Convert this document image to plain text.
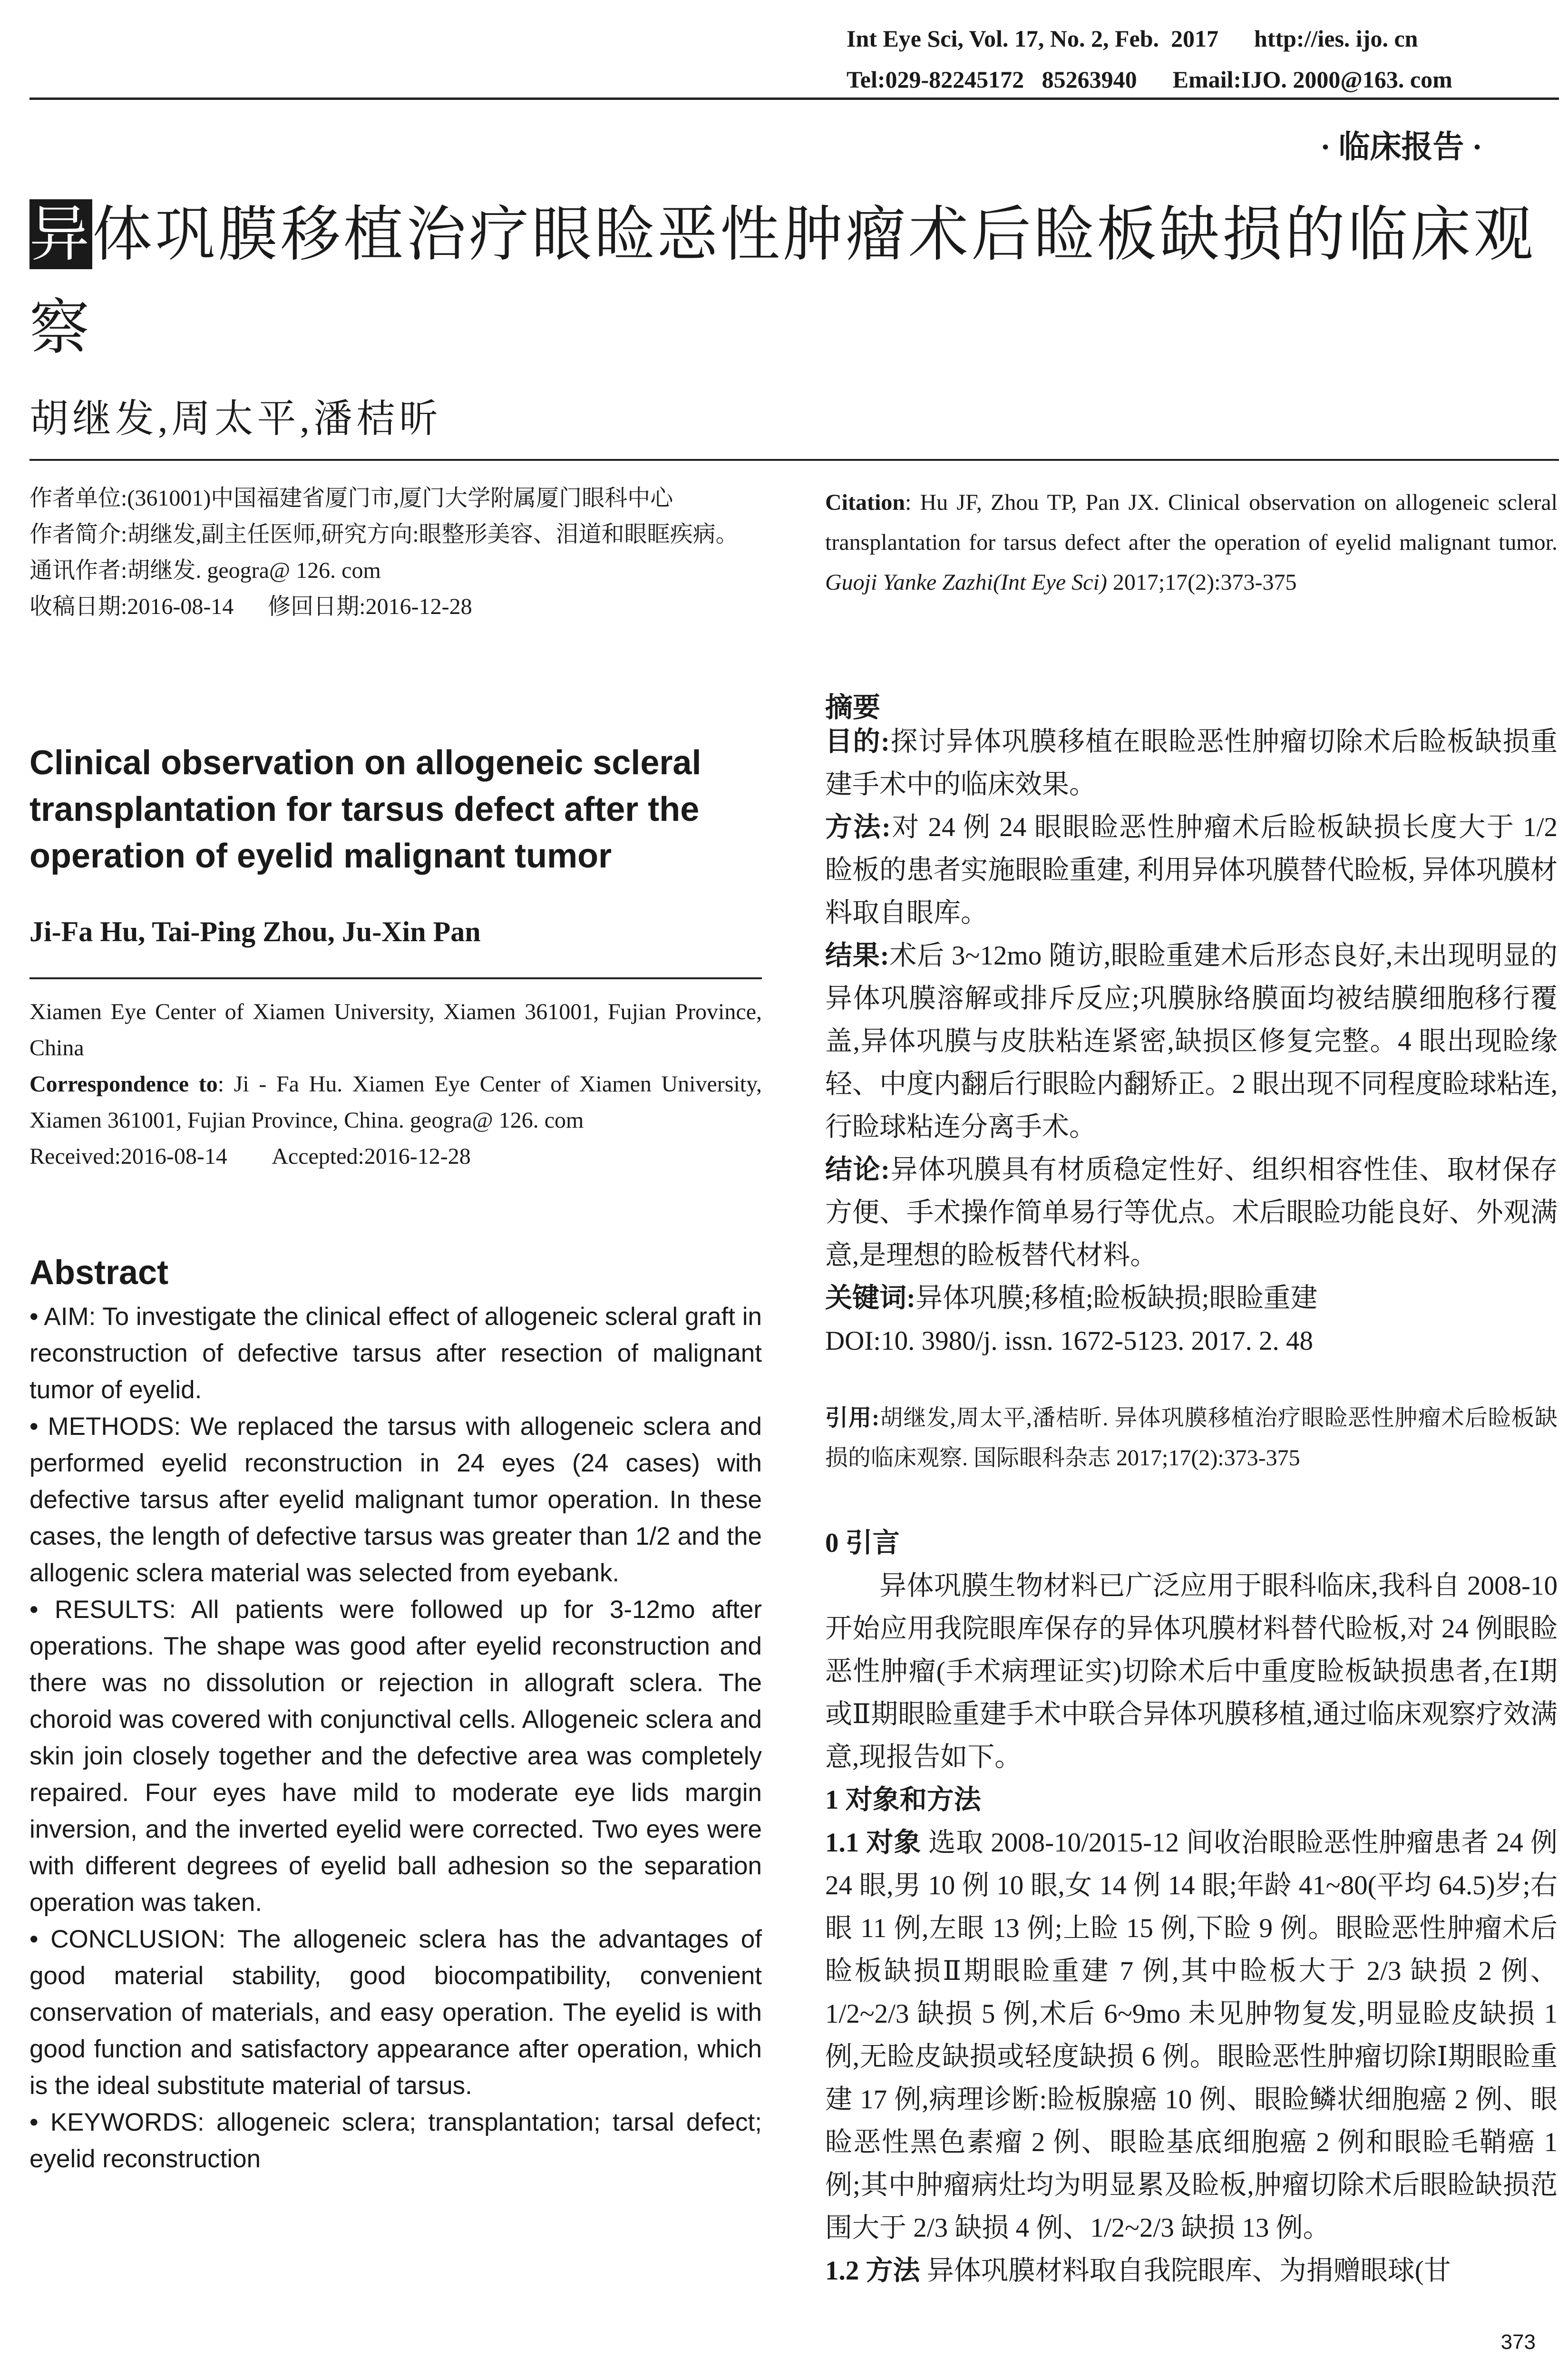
Int Eye Sci, Vol. 17, No. 2, Feb.  2017      http://ies. ijo. cn
Tel:029-82245172   85263940      Email:IJO. 2000@163. com
· 临床报告 ·
异体巩膜移植治疗眼睑恶性肿瘤术后睑板缺损的临床观察
胡继发,周太平,潘桔昕
作者单位:(361001)中国福建省厦门市,厦门大学附属厦门眼科中心
作者简介:胡继发,副主任医师,研究方向:眼整形美容、泪道和眼眶疾病。
通讯作者:胡继发. geogra@ 126. com
收稿日期:2016-08-14      修回日期:2016-12-28
Clinical observation on allogeneic scleral transplantation for tarsus defect after the operation of eyelid malignant tumor
Ji-Fa Hu, Tai-Ping Zhou, Ju-Xin Pan
Xiamen Eye Center of Xiamen University, Xiamen 361001, Fujian Province, China
Correspondence to: Ji - Fa Hu. Xiamen Eye Center of Xiamen University, Xiamen 361001, Fujian Province, China. geogra@ 126. com
Received:2016-08-14        Accepted:2016-12-28
Abstract

• AIM: To investigate the clinical effect of allogeneic scleral graft in reconstruction of defective tarsus after resection of malignant tumor of eyelid.

• METHODS: We replaced the tarsus with allogeneic sclera and performed eyelid reconstruction in 24 eyes (24 cases) with defective tarsus after eyelid malignant tumor operation. In these cases, the length of defective tarsus was greater than 1/2 and the allogenic sclera material was selected from eyebank.

• RESULTS: All patients were followed up for 3-12mo after operations. The shape was good after eyelid reconstruction and there was no dissolution or rejection in allograft sclera. The choroid was covered with conjunctival cells. Allogeneic sclera and skin join closely together and the defective area was completely repaired. Four eyes have mild to moderate eye lids margin inversion, and the inverted eyelid were corrected. Two eyes were with different degrees of eyelid ball adhesion so the separation operation was taken.

• CONCLUSION: The allogeneic sclera has the advantages of good material stability, good biocompatibility, convenient conservation of materials, and easy operation. The eyelid is with good function and satisfactory appearance after operation, which is the ideal substitute material of tarsus.

• KEYWORDS: allogeneic sclera; transplantation; tarsal defect; eyelid reconstruction

Citation: Hu JF, Zhou TP, Pan JX. Clinical observation on allogeneic scleral transplantation for tarsus defect after the operation of eyelid malignant tumor. Guoji Yanke Zazhi(Int Eye Sci) 2017;17(2):373-375
摘要

目的:探讨异体巩膜移植在眼睑恶性肿瘤切除术后睑板缺损重建手术中的临床效果。

方法:对 24 例 24 眼眼睑恶性肿瘤术后睑板缺损长度大于 1/2 睑板的患者实施眼睑重建, 利用异体巩膜替代睑板, 异体巩膜材料取自眼库。

结果:术后 3~12mo 随访,眼睑重建术后形态良好,未出现明显的异体巩膜溶解或排斥反应;巩膜脉络膜面均被结膜细胞移行覆盖,异体巩膜与皮肤粘连紧密,缺损区修复完整。4 眼出现睑缘轻、中度内翻后行眼睑内翻矫正。2 眼出现不同程度睑球粘连,行睑球粘连分离手术。

结论:异体巩膜具有材质稳定性好、组织相容性佳、取材保存方便、手术操作简单易行等优点。术后眼睑功能良好、外观满意,是理想的睑板替代材料。

关键词:异体巩膜;移植;睑板缺损;眼睑重建

DOI:10. 3980/j. issn. 1672-5123. 2017. 2. 48

引用:胡继发,周太平,潘桔昕. 异体巩膜移植治疗眼睑恶性肿瘤术后睑板缺损的临床观察. 国际眼科杂志 2017;17(2):373-375

0 引言

异体巩膜生物材料已广泛应用于眼科临床,我科自 2008-10 开始应用我院眼库保存的异体巩膜材料替代睑板,对 24 例眼睑恶性肿瘤(手术病理证实)切除术后中重度睑板缺损患者,在Ⅰ期或Ⅱ期眼睑重建手术中联合异体巩膜移植,通过临床观察疗效满意,现报告如下。

1 对象和方法

1.1 对象 选取 2008-10/2015-12 间收治眼睑恶性肿瘤患者 24 例 24 眼,男 10 例 10 眼,女 14 例 14 眼;年龄 41~80(平均 64.5)岁;右眼 11 例,左眼 13 例;上睑 15 例,下睑 9 例。眼睑恶性肿瘤术后睑板缺损Ⅱ期眼睑重建 7 例,其中睑板大于 2/3 缺损 2 例、1/2~2/3 缺损 5 例,术后 6~9mo 未见肿物复发,明显睑皮缺损 1 例,无睑皮缺损或轻度缺损 6 例。眼睑恶性肿瘤切除Ⅰ期眼睑重建 17 例,病理诊断:睑板腺癌 10 例、眼睑鳞状细胞癌 2 例、眼睑恶性黑色素瘤 2 例、眼睑基底细胞癌 2 例和眼睑毛鞘癌 1 例;其中肿瘤病灶均为明显累及睑板,肿瘤切除术后眼睑缺损范围大于 2/3 缺损 4 例、1/2~2/3 缺损 13 例。

1.2 方法 异体巩膜材料取自我院眼库、为捐赠眼球(甘

373
